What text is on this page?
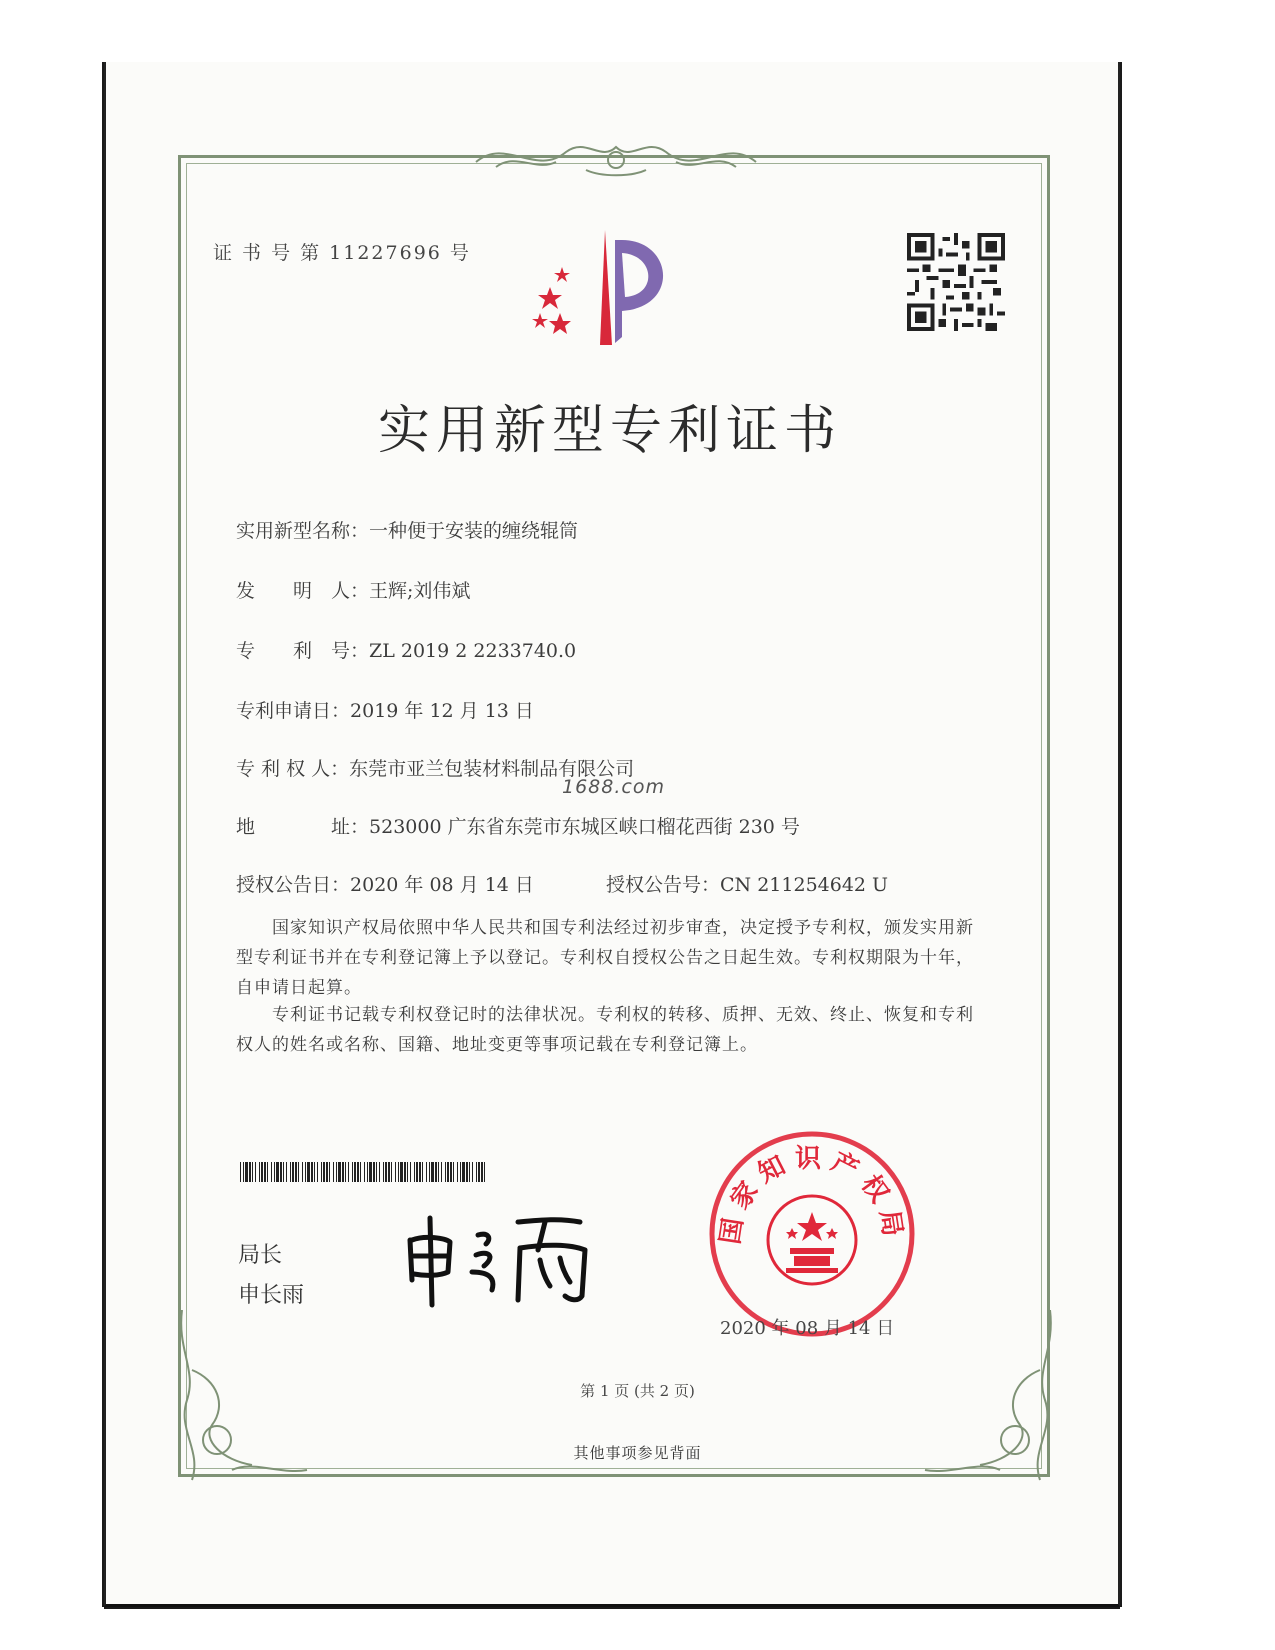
证 书 号 第 11227696 号
实用新型专利证书
实用新型名称：一种便于安装的缠绕辊筒
发　　明　人：王辉;刘伟斌
专　　利　号：ZL 2019 2 2233740.0
专利申请日：2019 年 12 月 13 日
专 利 权 人：东莞市亚兰包装材料制品有限公司
1688.com
地　　　　址：523000 广东省东莞市东城区峡口榴花西街 230 号
授权公告日：2020 年 08 月 14 日	授权公告号：CN 211254642 U
国家知识产权局依照中华人民共和国专利法经过初步审查，决定授予专利权，颁发实用新型专利证书并在专利登记簿上予以登记。专利权自授权公告之日起生效。专利权期限为十年，自申请日起算。
专利证书记载专利权登记时的法律状况。专利权的转移、质押、无效、终止、恢复和专利权人的姓名或名称、国籍、地址变更等事项记载在专利登记簿上。
局长
申长雨
国家知识产权局
2020 年 08 月 14 日
第 1 页 (共 2 页)
其他事项参见背面
